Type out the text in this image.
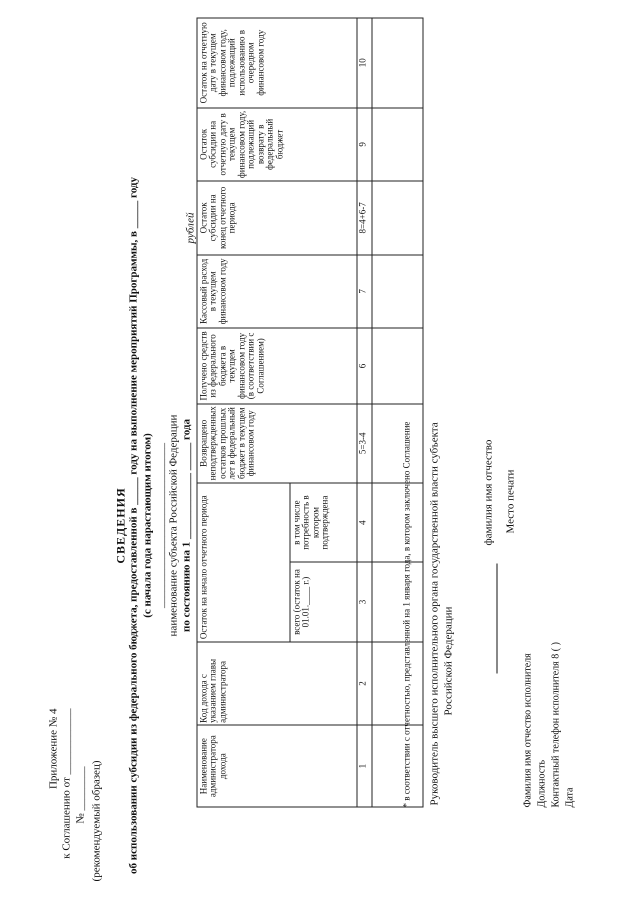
Приложение № 4 к Соглашению от ____________ № ________ (рекомендуемый образец)
СВЕДЕНИЯ об использовании субсидии из федерального бюджета, предоставленной в _____ году на выполнение мероприятий Программы, в _____ году (с начала года нарастающим итогом) ______________________________ наименование субъекта Российской Федерации по состоянию на 1 ____________ _____ года
рублей
Наименование администратора дохода	Код дохода с указанием главы администратора	Остаток на начало отчетного периода		Возвращено неподтвержденных остатков прошлых лет в федеральный бюджет в текущем финансовом году	Получено средств из федерального бюджета в текущем финансовом году (в соответствии с Соглашением)	Кассовый расход в текущем финансовом году	Остаток субсидии на конец отчетного периода	Остаток субсидии на отчетную дату в текущем финансовом году, подлежащий возврату в федеральный бюджет	Остаток на отчетную дату в текущем финансовом году, подлежащий использованию в очередном финансовом году
		всего (остаток на 01.01.____ г.)	в том числе потребность в котором подтверждена						
1	2	3	4	5=3-4	6	7	8=4+6-7	9	10

* в соответствии с отчетностью, представленной на 1 января года, в котором заключено Соглашение Руководитель высшего исполнительного органа государственной власти субъекта Российской Федерации
фамилия имя отчество Место печати
Фамилия имя отчество исполнителя Должность Контактный телефон исполнителя 8 ( ) Дата
